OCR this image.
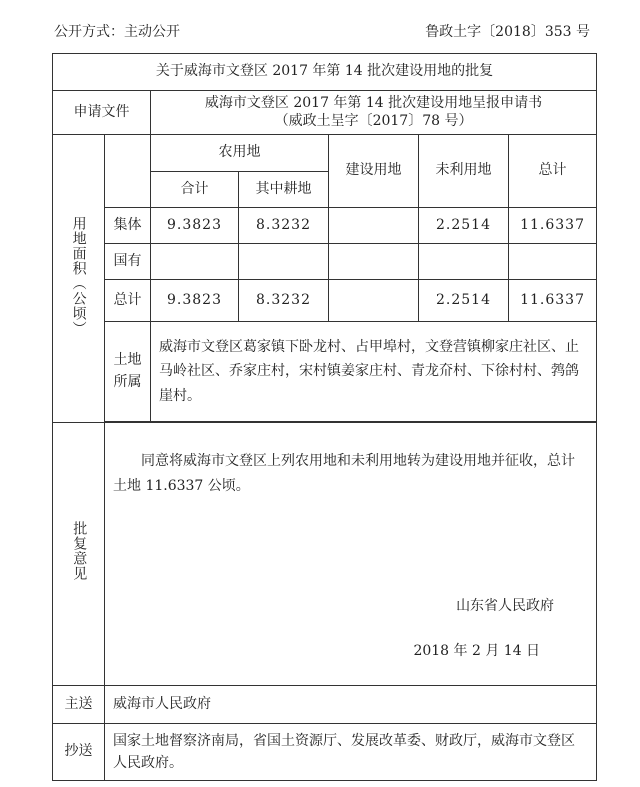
公开方式：主动公开	鲁政土字〔2018〕353 号
关于威海市文登区 2017 年第 14 批次建设用地的批复						
申请文件		威海市文登区 2017 年第 14 批次建设用地呈报申请书
（威政土呈字〔2017〕78 号）				

用地面积（公顷）		农用地		建设用地	未利用地	总计
		合计	其中耕地			
	集体	9.3823	8.3232		2.2514	11.6337
	国有					
	总计	9.3823	8.3232		2.2514	11.6337
	土地
所属	威海市文登区葛家镇下卧龙村、占甲埠村，文登营镇柳家庄社区、止马岭社区、乔家庄村，宋村镇姜家庄村、青龙夼村、下徐村村、鹁鸽崖村。				

批复意见	同意将威海市文登区上列农用地和未利用地转为建设用地并征收，总计土地 11.6337 公顷。
山东省人民政府
2018 年 2 月 14 日					

主送	威海市人民政府					
抄送	国家土地督察济南局，省国土资源厅、发展改革委、财政厅，威海市文登区人民政府。					
